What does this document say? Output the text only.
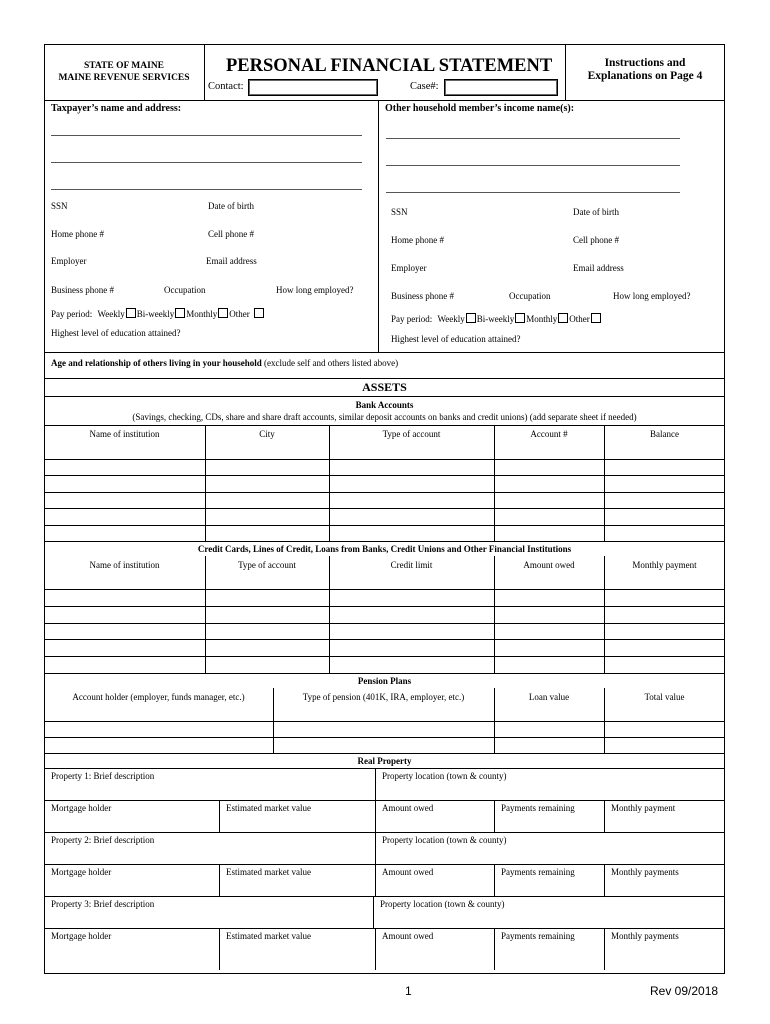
STATE OF MAINE
MAINE REVENUE SERVICES
PERSONAL FINANCIAL STATEMENT
Contact:	Case#:
Instructions and
Explanations on Page 4
Taxpayer’s name and address:
SSN	Date of birth
Home phone #	Cell phone #
Employer	Email address
Business phone #	Occupation	How long employed?
Pay period: Weekly Bi-weekly Monthly Other
Highest level of education attained?
Other household member’s income name(s):
SSN	Date of birth
Home phone #	Cell phone #
Employer	Email address
Business phone #	Occupation	How long employed?
Pay period: Weekly Bi-weekly Monthly Other
Highest level of education attained?
Age and relationship of others living in your household (exclude self and others listed above)
ASSETS
Bank Accounts
(Savings, checking, CDs, share and share draft accounts, similar deposit accounts on banks and credit unions) (add separate sheet if needed)
Name of institution	City	Type of account	Account #	Balance
Credit Cards, Lines of Credit, Loans from Banks, Credit Unions and Other Financial Institutions
Name of institution	Type of account	Credit limit	Amount owed	Monthly payment
Pension Plans
Account holder (employer, funds manager, etc.)	Type of pension (401K, IRA, employer, etc.)	Loan value	Total value
Real Property
Property 1: Brief description	Property location (town & county)
Mortgage holder	Estimated market value	Amount owed	Payments remaining	Monthly payment
Property 2: Brief description	Property location (town & county)
Mortgage holder	Estimated market value	Amount owed	Payments remaining	Monthly payments
Property 3: Brief description	Property location (town & county)
Mortgage holder	Estimated market value	Amount owed	Payments remaining	Monthly payments
1	Rev 09/2018
